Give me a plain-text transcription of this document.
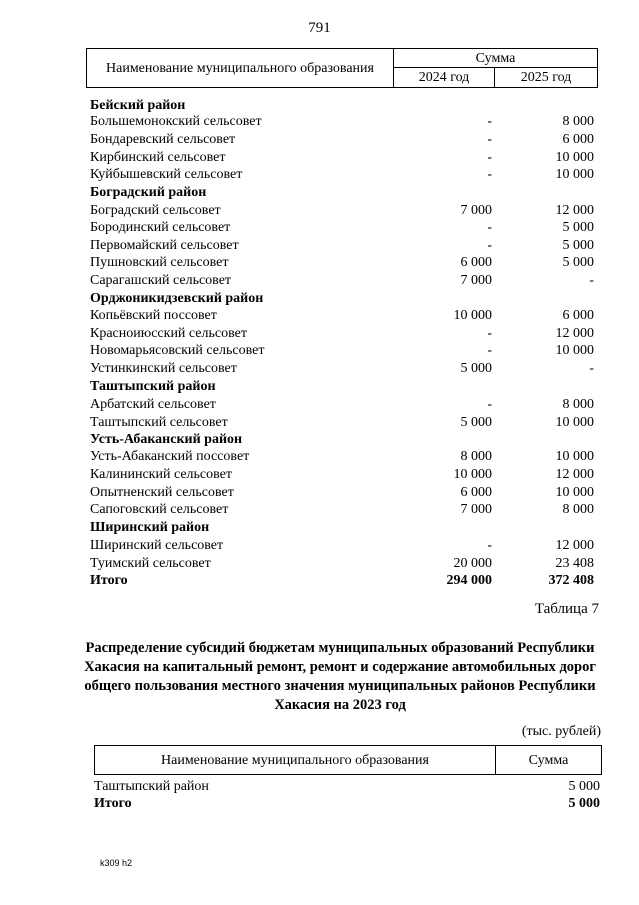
791
Наименование муниципального образования	Сумма	
	2024 год	2025 год
Бейский район
Большемонокский сельсовет	-	8 000
Бондаревский сельсовет	-	6 000
Кирбинский сельсовет	-	10 000
Куйбышевский сельсовет	-	10 000
Боградский район
Боградский сельсовет	7 000	12 000
Бородинский сельсовет	-	5 000
Первомайский сельсовет	-	5 000
Пушновский сельсовет	6 000	5 000
Сарагашский сельсовет	7 000	-
Орджоникидзевский район
Копьёвский поссовет	10 000	6 000
Красноиюсский сельсовет	-	12 000
Новомарьясовский сельсовет	-	10 000
Устинкинский сельсовет	5 000	-
Таштыпский район
Арбатский сельсовет	-	8 000
Таштыпский сельсовет	5 000	10 000
Усть-Абаканский район
Усть-Абаканский поссовет	8 000	10 000
Калининский сельсовет	10 000	12 000
Опытненский сельсовет	6 000	10 000
Сапоговский сельсовет	7 000	8 000
Ширинский район
Ширинский сельсовет	-	12 000
Туимский сельсовет	20 000	23 408
Итого	294 000	372 408
Таблица 7
Распределение субсидий бюджетам муниципальных образований Республики Хакасия на капитальный ремонт, ремонт и содержание автомобильных дорог общего пользования местного значения муниципальных районов Республики Хакасия на 2023 год
(тыс. рублей)
Наименование муниципального образования	Сумма
Таштыпский район	5 000
Итого	5 000
k309 h2
